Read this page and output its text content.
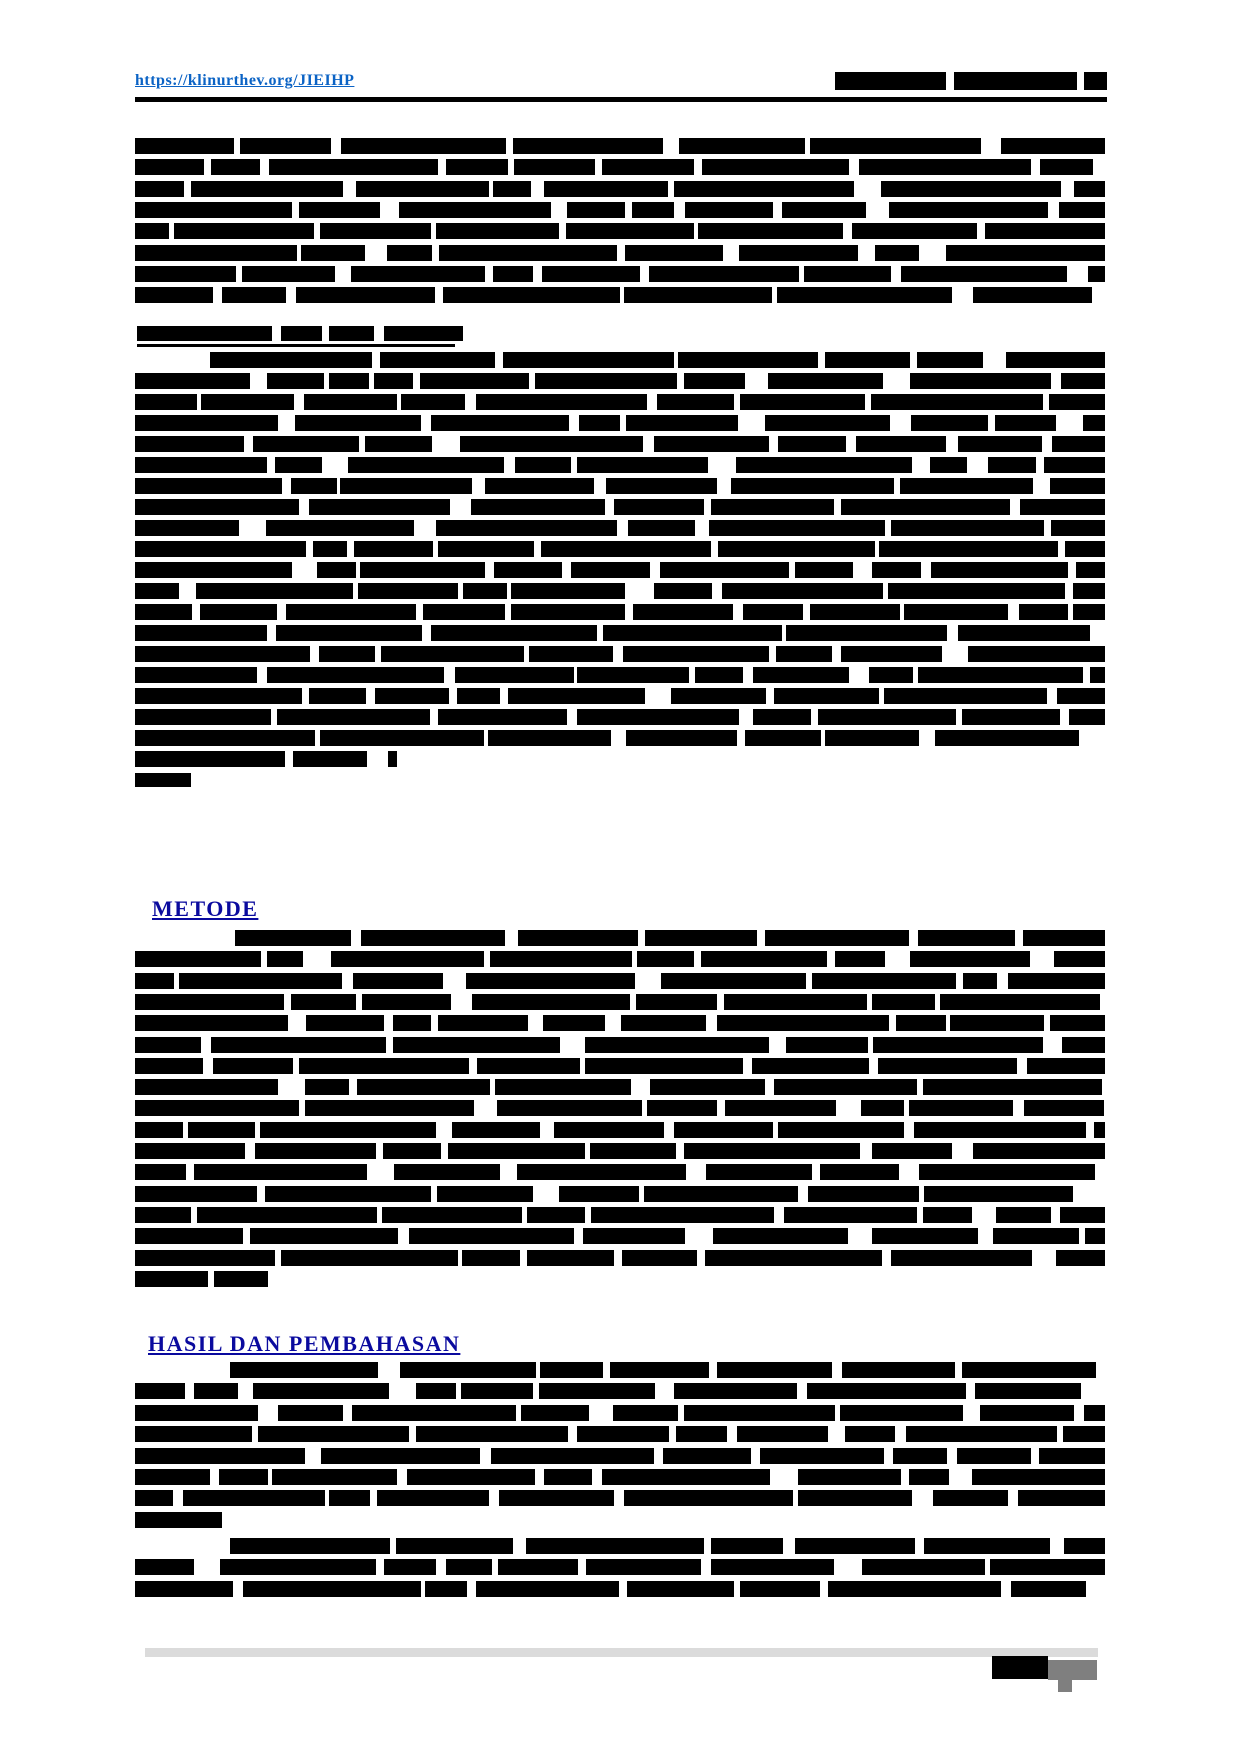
https://klinurthev.org/JIEIHP
METODE
HASIL DAN PEMBAHASAN
